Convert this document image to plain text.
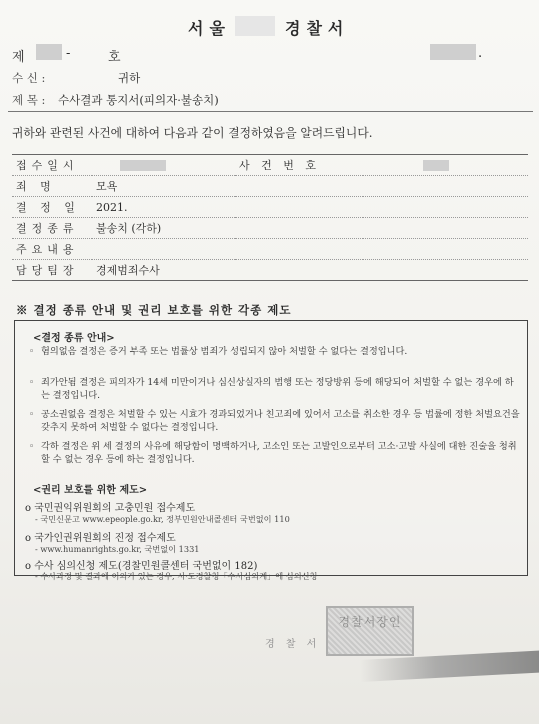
서울	경찰서
제	-	호	.
수 신 :	귀하
제 목 : 수사결과 통지서(피의자·불송치)
귀하와 관련된 사건에 대하여 다음과 같이 결정하였음을 알려드립니다.
접수일시		사 건 번 호	
죄 명	모욕		
결 정 일	2021.		
결정종류	불송치 (각하)		
주요내용			
담당팀장	경제범죄수사		
※ 결정 종류 안내 및 권리 보호를 위한 각종 제도
<결정 종류 안내>
◦ 혐의없음 결정은 증거 부족 또는 법률상 범죄가 성립되지 않아 처벌할 수 없다는 결정입니다.
◦ 죄가안됨 결정은 피의자가 14세 미만이거나 심신상실자의 범행 또는 정당방위 등에 해당되어 처벌할 수 없는 경우에 하는 결정입니다.
◦ 공소권없음 결정은 처벌할 수 있는 시효가 경과되었거나 친고죄에 있어서 고소를 취소한 경우 등 법률에 정한 처벌요건을 갖추지 못하여 처벌할 수 없다는 결정입니다.
◦ 각하 결정은 위 세 결정의 사유에 해당함이 명백하거나, 고소인 또는 고발인으로부터 고소·고발 사실에 대한 진술을 청취할 수 없는 경우 등에 하는 결정입니다.
<권리 보호를 위한 제도>
o 국민권익위원회의 고충민원 접수제도
- 국민신문고 www.epeople.go.kr, 정부민원안내콜센터 국번없이 110
o 국가인권위원회의 진정 접수제도
- www.humanrights.go.kr, 국번없이 1331
o 수사 심의신청 제도(경찰민원콜센터 국번없이 182)
- 수사과정 및 결과에 이의가 있는 경우, 시·도경찰청「수사심의계」에 심의신청
경 찰 서
경찰서장인
